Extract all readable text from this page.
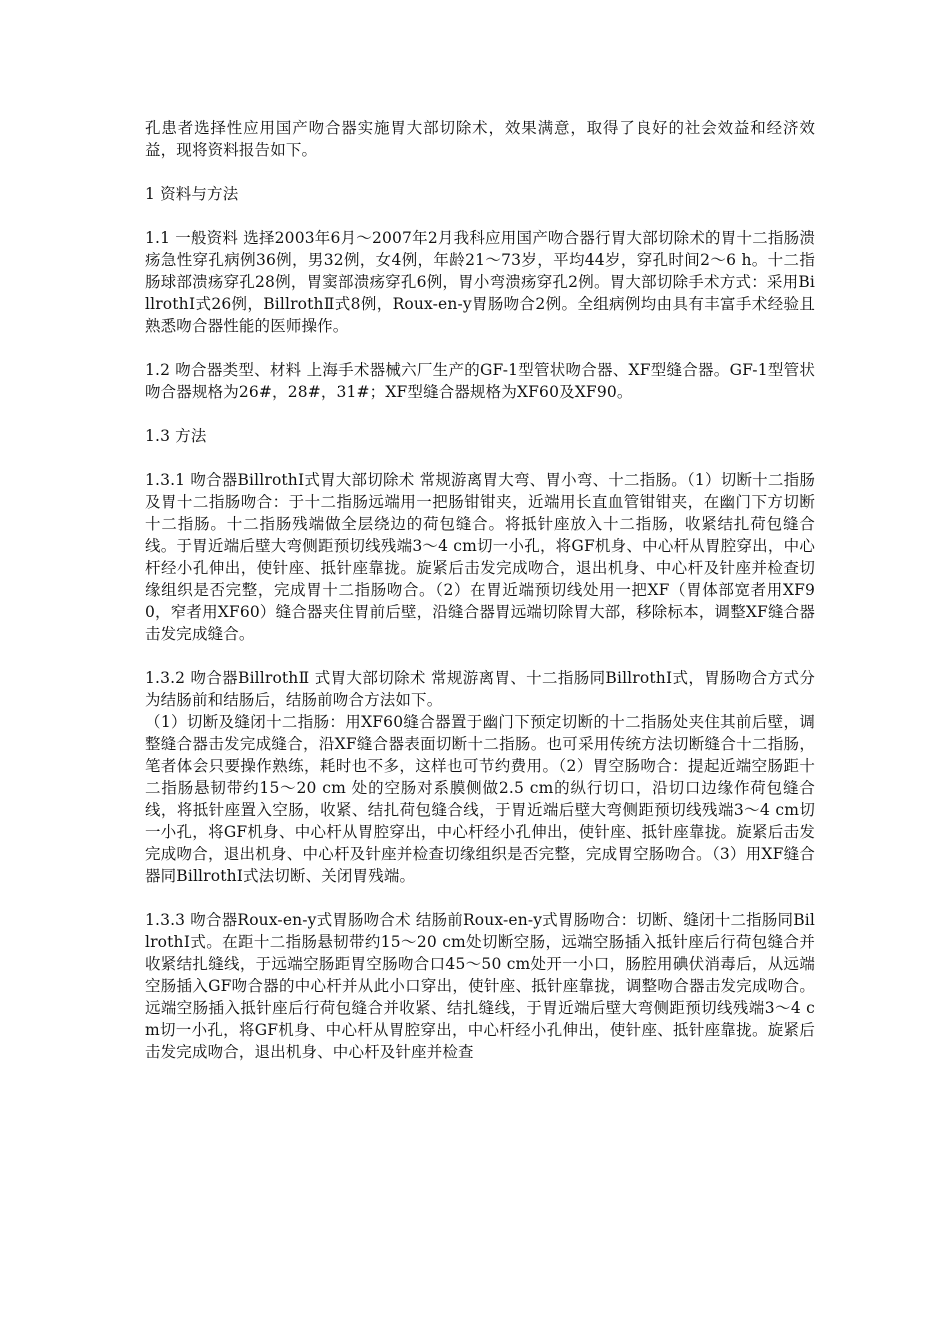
孔患者选择性应用国产吻合器实施胃大部切除术，效果满意，取得了良好的社会效益和经济效益，现将资料报告如下。

1 资料与方法

1.1 一般资料 选择2003年6月～2007年2月我科应用国产吻合器行胃大部切除术的胃十二指肠溃疡急性穿孔病例36例，男32例，女4例，年龄21～73岁，平均44岁，穿孔时间2～6 h。十二指肠球部溃疡穿孔28例，胃窦部溃疡穿孔6例，胃小弯溃疡穿孔2例。胃大部切除手术方式：采用BillrothⅠ式26例，BillrothⅡ式8例，Roux-en-y胃肠吻合2例。全组病例均由具有丰富手术经验且熟悉吻合器性能的医师操作。

1.2 吻合器类型、材料 上海手术器械六厂生产的GF-1型管状吻合器、XF型缝合器。GF-1型管状吻合器规格为26#，28#，31#；XF型缝合器规格为XF60及XF90。

1.3 方法

1.3.1 吻合器BillrothⅠ式胃大部切除术 常规游离胃大弯、胃小弯、十二指肠。（1）切断十二指肠及胃十二指肠吻合：于十二指肠远端用一把肠钳钳夹，近端用长直血管钳钳夹，在幽门下方切断十二指肠。十二指肠残端做全层绕边的荷包缝合。将抵针座放入十二指肠，收紧结扎荷包缝合线。于胃近端后壁大弯侧距预切线残端3～4 cm切一小孔，将GF机身、中心杆从胃腔穿出，中心杆经小孔伸出，使针座、抵针座靠拢。旋紧后击发完成吻合，退出机身、中心杆及针座并检查切缘组织是否完整，完成胃十二指肠吻合。（2）在胃近端预切线处用一把XF（胃体部宽者用XF90，窄者用XF60）缝合器夹住胃前后壁，沿缝合器胃远端切除胃大部，移除标本，调整XF缝合器击发完成缝合。

1.3.2 吻合器BillrothⅡ 式胃大部切除术 常规游离胃、十二指肠同BillrothⅠ式，胃肠吻合方式分为结肠前和结肠后，结肠前吻合方法如下。

（1）切断及缝闭十二指肠：用XF60缝合器置于幽门下预定切断的十二指肠处夹住其前后壁，调整缝合器击发完成缝合，沿XF缝合器表面切断十二指肠。也可采用传统方法切断缝合十二指肠，笔者体会只要操作熟练，耗时也不多，这样也可节约费用。（2）胃空肠吻合：提起近端空肠距十二指肠悬韧带约15～20 cm 处的空肠对系膜侧做2.5 cm的纵行切口，沿切口边缘作荷包缝合线，将抵针座置入空肠，收紧、结扎荷包缝合线，于胃近端后壁大弯侧距预切线残端3～4 cm切一小孔，将GF机身、中心杆从胃腔穿出，中心杆经小孔伸出，使针座、抵针座靠拢。旋紧后击发完成吻合，退出机身、中心杆及针座并检查切缘组织是否完整，完成胃空肠吻合。（3）用XF缝合器同BillrothⅠ式法切断、关闭胃残端。

1.3.3 吻合器Roux-en-y式胃肠吻合术 结肠前Roux-en-y式胃肠吻合：切断、缝闭十二指肠同BillrothⅠ式。在距十二指肠悬韧带约15～20 cm处切断空肠，远端空肠插入抵针座后行荷包缝合并收紧结扎缝线，于远端空肠距胃空肠吻合口45～50 cm处开一小口，肠腔用碘伏消毒后，从远端空肠插入GF吻合器的中心杆并从此小口穿出，使针座、抵针座靠拢，调整吻合器击发完成吻合。远端空肠插入抵针座后行荷包缝合并收紧、结扎缝线，于胃近端后壁大弯侧距预切线残端3～4 cm切一小孔，将GF机身、中心杆从胃腔穿出，中心杆经小孔伸出，使针座、抵针座靠拢。旋紧后击发完成吻合，退出机身、中心杆及针座并检查
